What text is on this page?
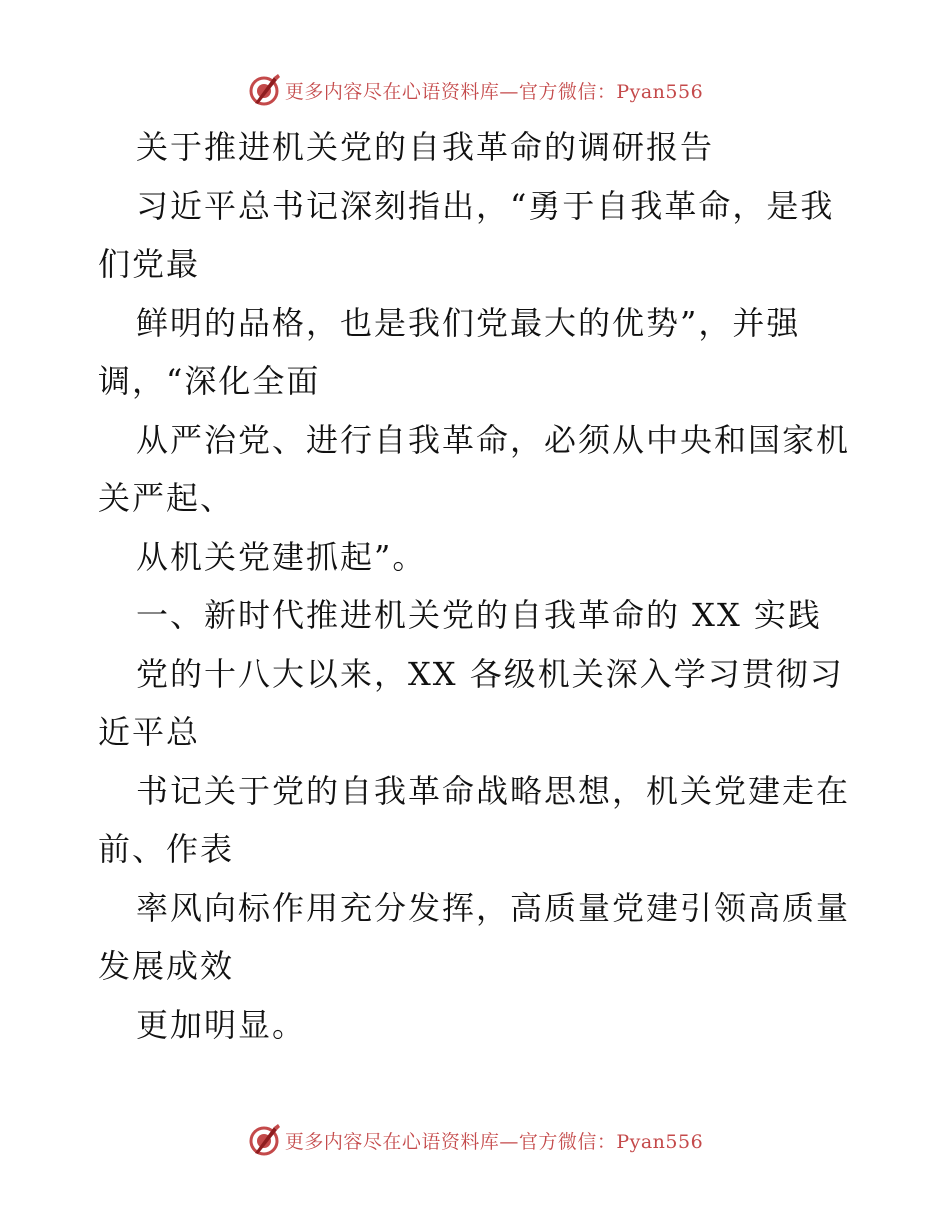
更多内容尽在心语资料库—官方微信：Pyan556
关于推进机关党的自我革命的调研报告
习近平总书记深刻指出，“勇于自我革命，是我
们党最
鲜明的品格，也是我们党最大的优势”，并强
调，“深化全面
从严治党、进行自我革命，必须从中央和国家机
关严起、
从机关党建抓起”。
一、新时代推进机关党的自我革命的 XX 实践
党的十八大以来，XX 各级机关深入学习贯彻习
近平总
书记关于党的自我革命战略思想，机关党建走在
前、作表
率风向标作用充分发挥，高质量党建引领高质量
发展成效
更加明显。
更多内容尽在心语资料库—官方微信：Pyan556
